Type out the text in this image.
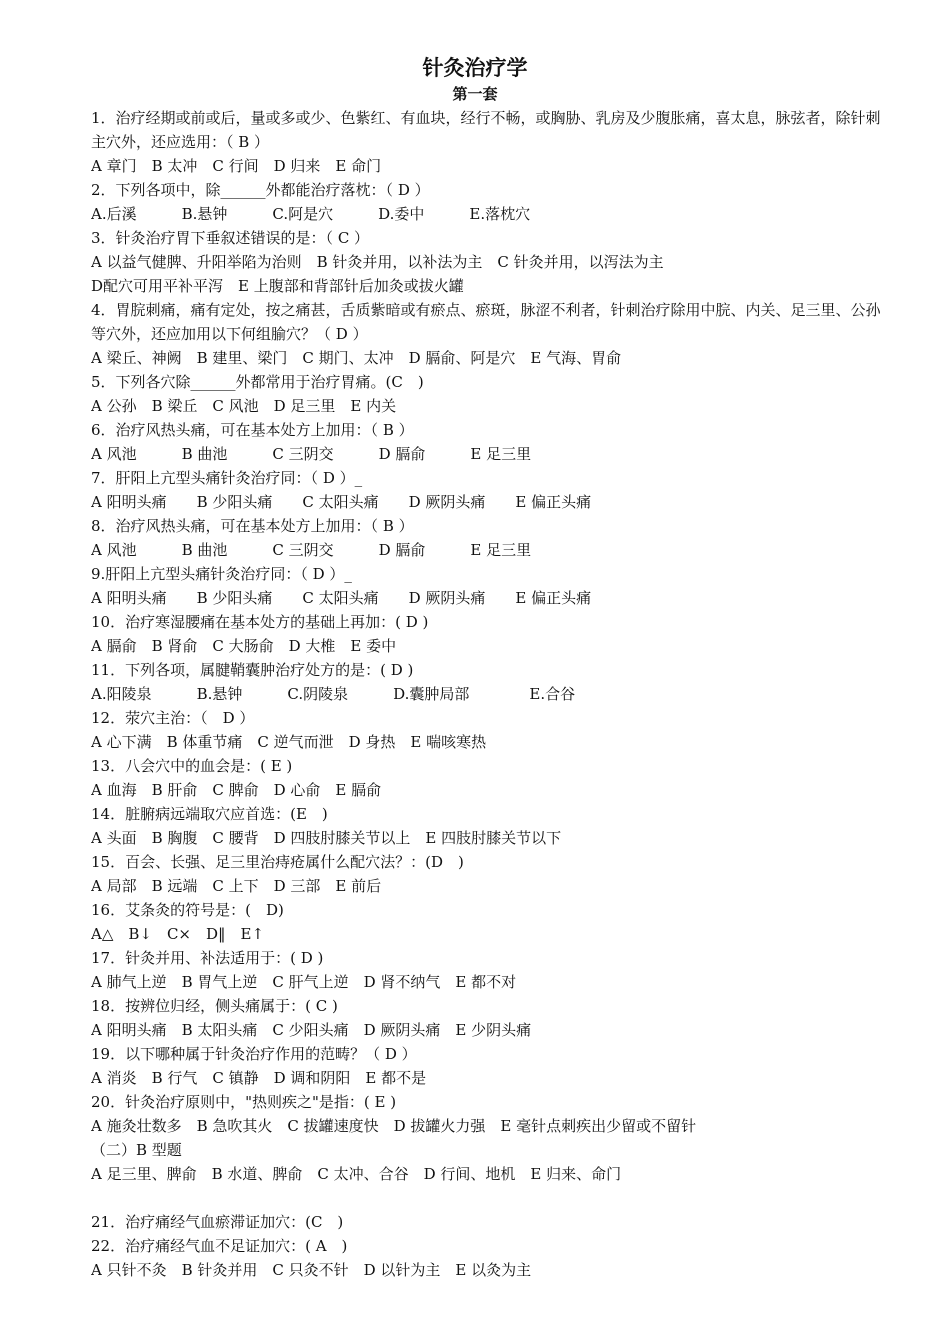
针灸治疗学
第一套
1．治疗经期或前或后，量或多或少、色紫红、有血块，经行不畅，或胸胁、乳房及少腹胀痛，喜太息，脉弦者，除针刺主穴外，还应选用：（ B ）
A 章门　B 太冲　C 行间　D 归来　E 命门
2．下列各项中，除______外都能治疗落枕：（ D ）
A.后溪　　　B.悬钟　　　C.阿是穴　　　D.委中　　　E.落枕穴
3．针灸治疗胃下垂叙述错误的是：（ C ）
A 以益气健脾、升阳举陷为治则　B 针灸并用，以补法为主　C 针灸并用，以泻法为主
D配穴可用平补平泻　E 上腹部和背部针后加灸或拔火罐
4．胃脘刺痛，痛有定处，按之痛甚，舌质紫暗或有瘀点、瘀斑，脉涩不利者，针刺治疗除用中脘、内关、足三里、公孙等穴外，还应加用以下何组腧穴？（ D ）
A 梁丘、神阙　B 建里、梁门　C 期门、太冲　D 膈俞、阿是穴　E 气海、胃俞
5．下列各穴除______外都常用于治疗胃痛。(C　)
A 公孙　B 梁丘　C 风池　D 足三里　E 内关
6．治疗风热头痛，可在基本处方上加用：（ B ）
A 风池　　　B 曲池　　　C 三阴交　　　D 膈俞　　　E 足三里
7．肝阳上亢型头痛针灸治疗同：（ D ）_
A 阳明头痛　　B 少阳头痛　　C 太阳头痛　　D 厥阴头痛　　E 偏正头痛
8．治疗风热头痛，可在基本处方上加用：（ B ）
A 风池　　　B 曲池　　　C 三阴交　　　D 膈俞　　　E 足三里
9.肝阳上亢型头痛针灸治疗同：（ D ）_
A 阳明头痛　　B 少阳头痛　　C 太阳头痛　　D 厥阴头痛　　E 偏正头痛
10．治疗寒湿腰痛在基本处方的基础上再加：( D )
A 膈俞　B 肾俞　C 大肠俞　D 大椎　E 委中
11．下列各项，属腱鞘囊肿治疗处方的是：( D )
A.阳陵泉　　　B.悬钟　　　C.阴陵泉　　　D.囊肿局部　　　　E.合谷
12．荥穴主治：（　D ）
A 心下满　B 体重节痛　C 逆气而泄　D 身热　E 喘咳寒热
13．八会穴中的血会是：( E )
A 血海　B 肝俞　C 脾俞　D 心俞　E 膈俞
14．脏腑病远端取穴应首选：(E　)
A 头面　B 胸腹　C 腰背　D 四肢肘膝关节以上　E 四肢肘膝关节以下
15．百会、长强、足三里治痔疮属什么配穴法？：(D　)
A 局部　B 远端　C 上下　D 三部　E 前后
16．艾条灸的符号是：(　D)
A△　B↓　C×　D‖　E↑
17．针灸并用、补法适用于：( D )
A 肺气上逆　B 胃气上逆　C 肝气上逆　D 肾不纳气　E 都不对
18．按辨位归经，侧头痛属于：( C )
A 阳明头痛　B 太阳头痛　C 少阳头痛　D 厥阴头痛　E 少阴头痛
19．以下哪种属于针灸治疗作用的范畴？（ D ）
A 消炎　B 行气　C 镇静　D 调和阴阳　E 都不是
20．针灸治疗原则中，"热则疾之"是指：( E )
A 施灸壮数多　B 急吹其火　C 拔罐速度快　D 拔罐火力强　E 毫针点刺疾出少留或不留针
（二）B 型题
A 足三里、脾俞　B 水道、脾俞　C 太冲、合谷　D 行间、地机　E 归来、命门
21．治疗痛经气血瘀滞证加穴：(C　)
22．治疗痛经气血不足证加穴：( A　)
A 只针不灸　B 针灸并用　C 只灸不针　D 以针为主　E 以灸为主
